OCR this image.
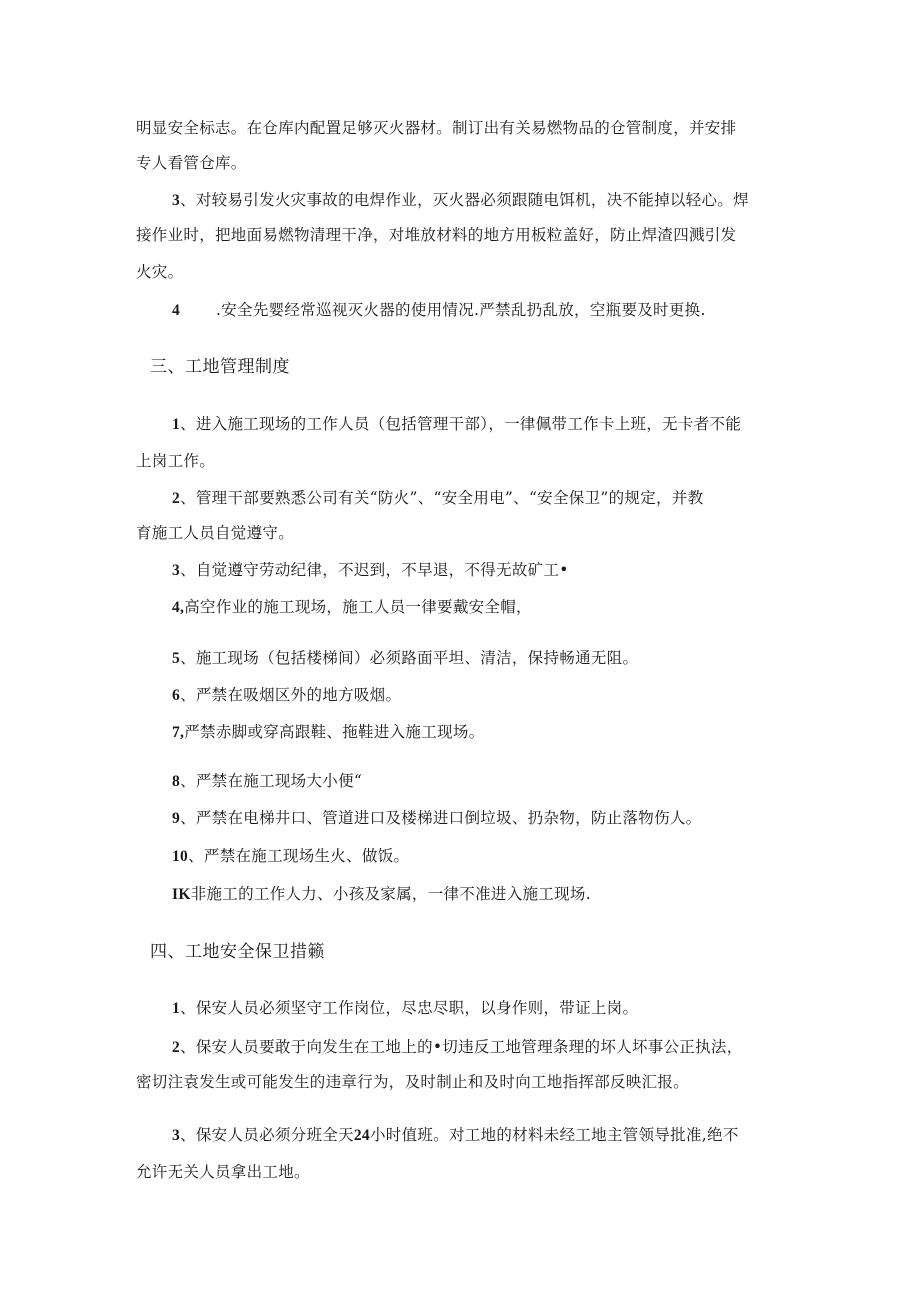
明显安全标志。在仓库内配置足够灭火器材。制订出有关易燃物品的仓管制度，并安排
专人看管仓库。
3、对较易引发火灾事故的电焊作业，灭火器必须跟随电饵机，决不能掉以轻心。焊
接作业时，把地面易燃物清理干净，对堆放材料的地方用板粒盖好，防止焊渣四溅引发
火灾。
4 .安全先婴经常巡视灭火器的使用情况.严禁乱扔乱放，空瓶要及时更换.
三、工地管理制度
1、进入施工现场的工作人员（包括管理干部），一律佩带工作卡上班，无卡者不能
上岗工作。
2、管理干部要熟悉公司有关“防火”、“安全用电”、“安全保卫”的规定，并教
育施工人员自觉遵守。
3、自觉遵守劳动纪律，不迟到，不早退，不得无故矿工•
4,高空作业的施工现场，施工人员一律要戴安全帽，
5、施工现场（包括楼梯间）必须路面平坦、清洁，保持畅通无阻。
6、严禁在吸烟区外的地方吸烟。
7,严禁赤脚或穿高跟鞋、拖鞋进入施工现场。
8、严禁在施工现场大小便“
9、严禁在电梯井口、管道进口及楼梯进口倒垃圾、扔杂物，防止落物伤人。
10、严禁在施工现场生火、做饭。
IK非施工的工作人力、小孩及家属，一律不准进入施工现场.
四、工地安全保卫措籁
1、保安人员必须坚守工作岗位，尽忠尽职，以身作则，带证上岗。
2、保安人员要敢于向发生在工地上的•切违反工地管理条理的坏人坏事公正执法，
密切注袁发生或可能发生的违章行为，及时制止和及时向工地指挥部反映汇报。
3、保安人员必须分班全天24小时值班。对工地的材料未经工地主管领导批准,绝不
允许无关人员拿出工地。
